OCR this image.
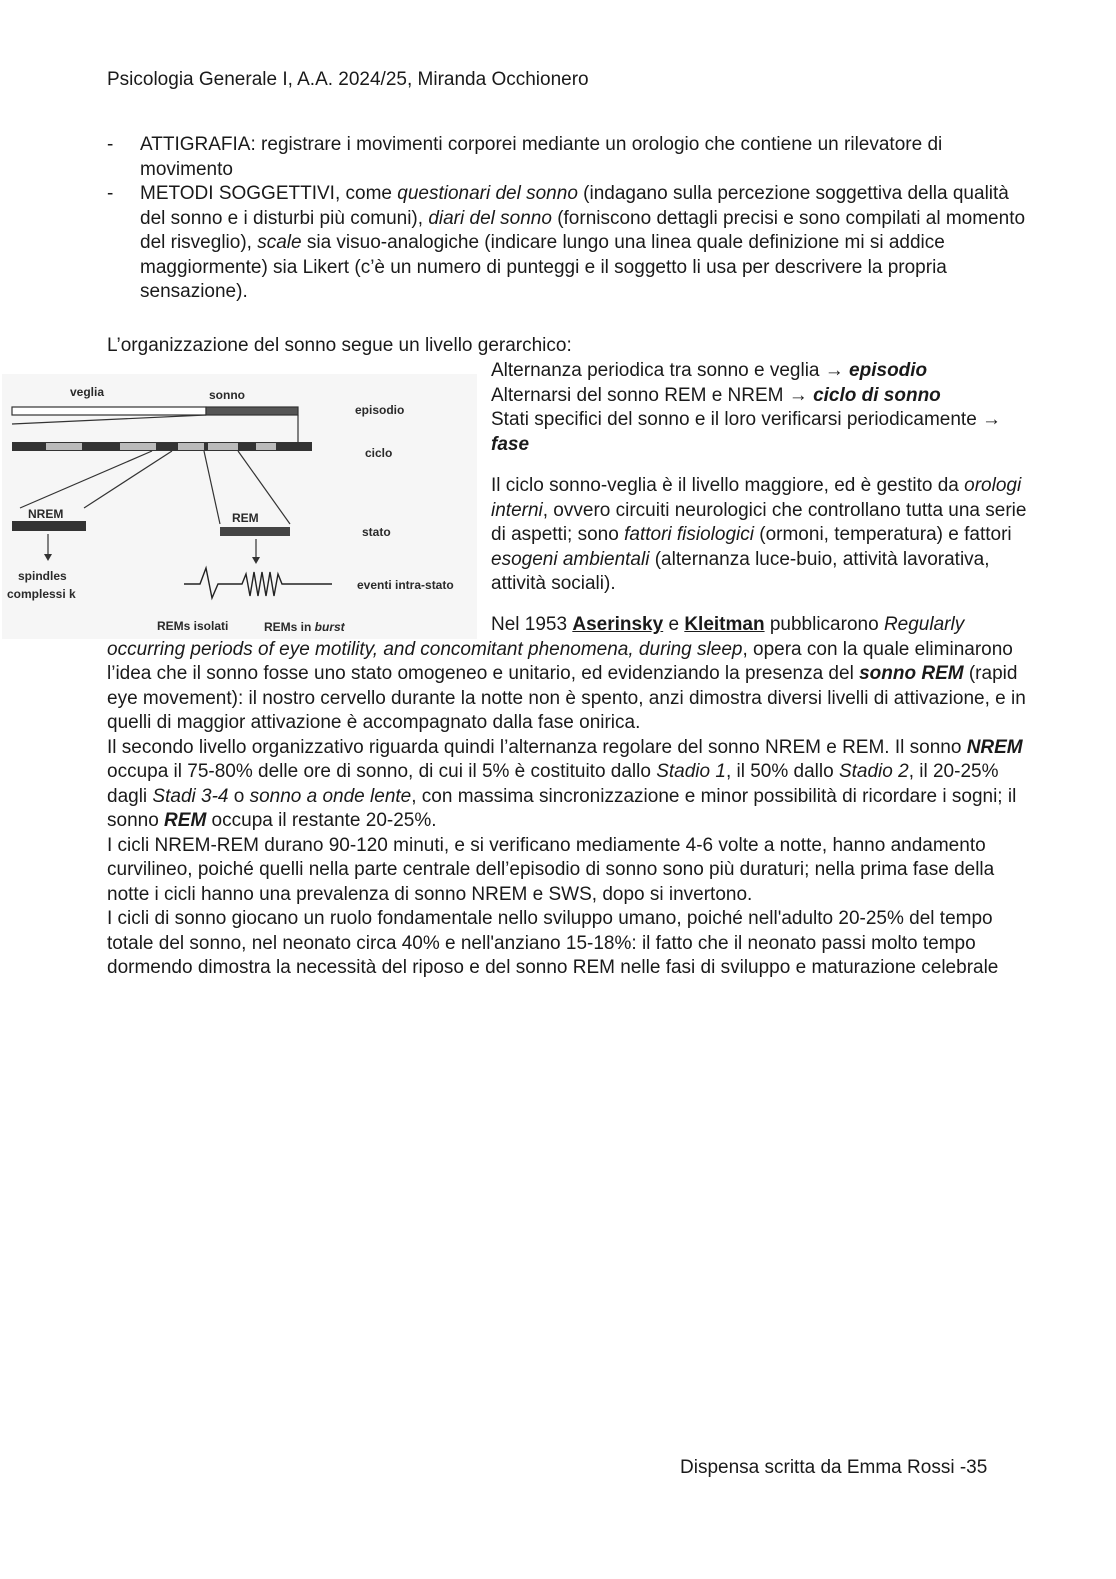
Psicologia Generale I, A.A. 2024/25, Miranda Occhionero
-	ATTIGRAFIA: registrare i movimenti corporei mediante un orologio che contiene un rilevatore di movimento
-	METODI SOGGETTIVI, come questionari del sonno (indagano sulla percezione soggettiva della qualità del sonno e i disturbi più comuni), diari del sonno (forniscono dettagli precisi e sono compilati al momento del risveglio), scale sia visuo-analogiche (indicare lungo una linea quale definizione mi si addice maggiormente) sia Likert (c’è un numero di punteggi e il soggetto li usa per descrivere la propria sensazione).
L’organizzazione del sonno segue un livello gerarchico:
veglia	sonno
episodio
ciclo
NREM	REM
stato
spindles
complessi k
eventi intra-stato
REMs isolati	REMs in burst

Alternanza periodica tra sonno e veglia → episodio

Alternarsi del sonno REM e NREM → ciclo di sonno

Stati specifici del sonno e il loro verificarsi periodicamente → fase

Il ciclo sonno-veglia è il livello maggiore, ed è gestito da orologi interni, ovvero circuiti neurologici che controllano tutta una serie di aspetti; sono fattori fisiologici (ormoni, temperatura) e fattori esogeni ambientali (alternanza luce-buio, attività lavorativa, attività sociali).

Nel 1953 Aserinsky e Kleitman pubblicarono Regularly occurring periods of eye motility, and concomitant phenomena, during sleep, opera con la quale eliminarono l’idea che il sonno fosse uno stato omogeneo e unitario, ed evidenziando la presenza del sonno REM (rapid eye movement): il nostro cervello durante la notte non è spento, anzi dimostra diversi livelli di attivazione, e in quelli di maggior attivazione è accompagnato dalla fase onirica.

Il secondo livello organizzativo riguarda quindi l’alternanza regolare del sonno NREM e REM. Il sonno NREM occupa il 75-80% delle ore di sonno, di cui il 5% è costituito dallo Stadio 1, il 50% dallo Stadio 2, il 20-25% dagli Stadi 3-4 o sonno a onde lente, con massima sincronizzazione e minor possibilità di ricordare i sogni; il sonno REM occupa il restante 20-25%.

I cicli NREM-REM durano 90-120 minuti, e si verificano mediamente 4-6 volte a notte, hanno andamento curvilineo, poiché quelli nella parte centrale dell’episodio di sonno sono più duraturi; nella prima fase della notte i cicli hanno una prevalenza di sonno NREM e SWS, dopo si invertono.

I cicli di sonno giocano un ruolo fondamentale nello sviluppo umano, poiché nell'adulto 20-25% del tempo totale del sonno, nel neonato circa 40% e nell'anziano 15-18%: il fatto che il neonato passi molto tempo dormendo dimostra la necessità del riposo e del sonno REM nelle fasi di sviluppo e maturazione celebrale

Dispensa scritta da Emma Rossi -35
